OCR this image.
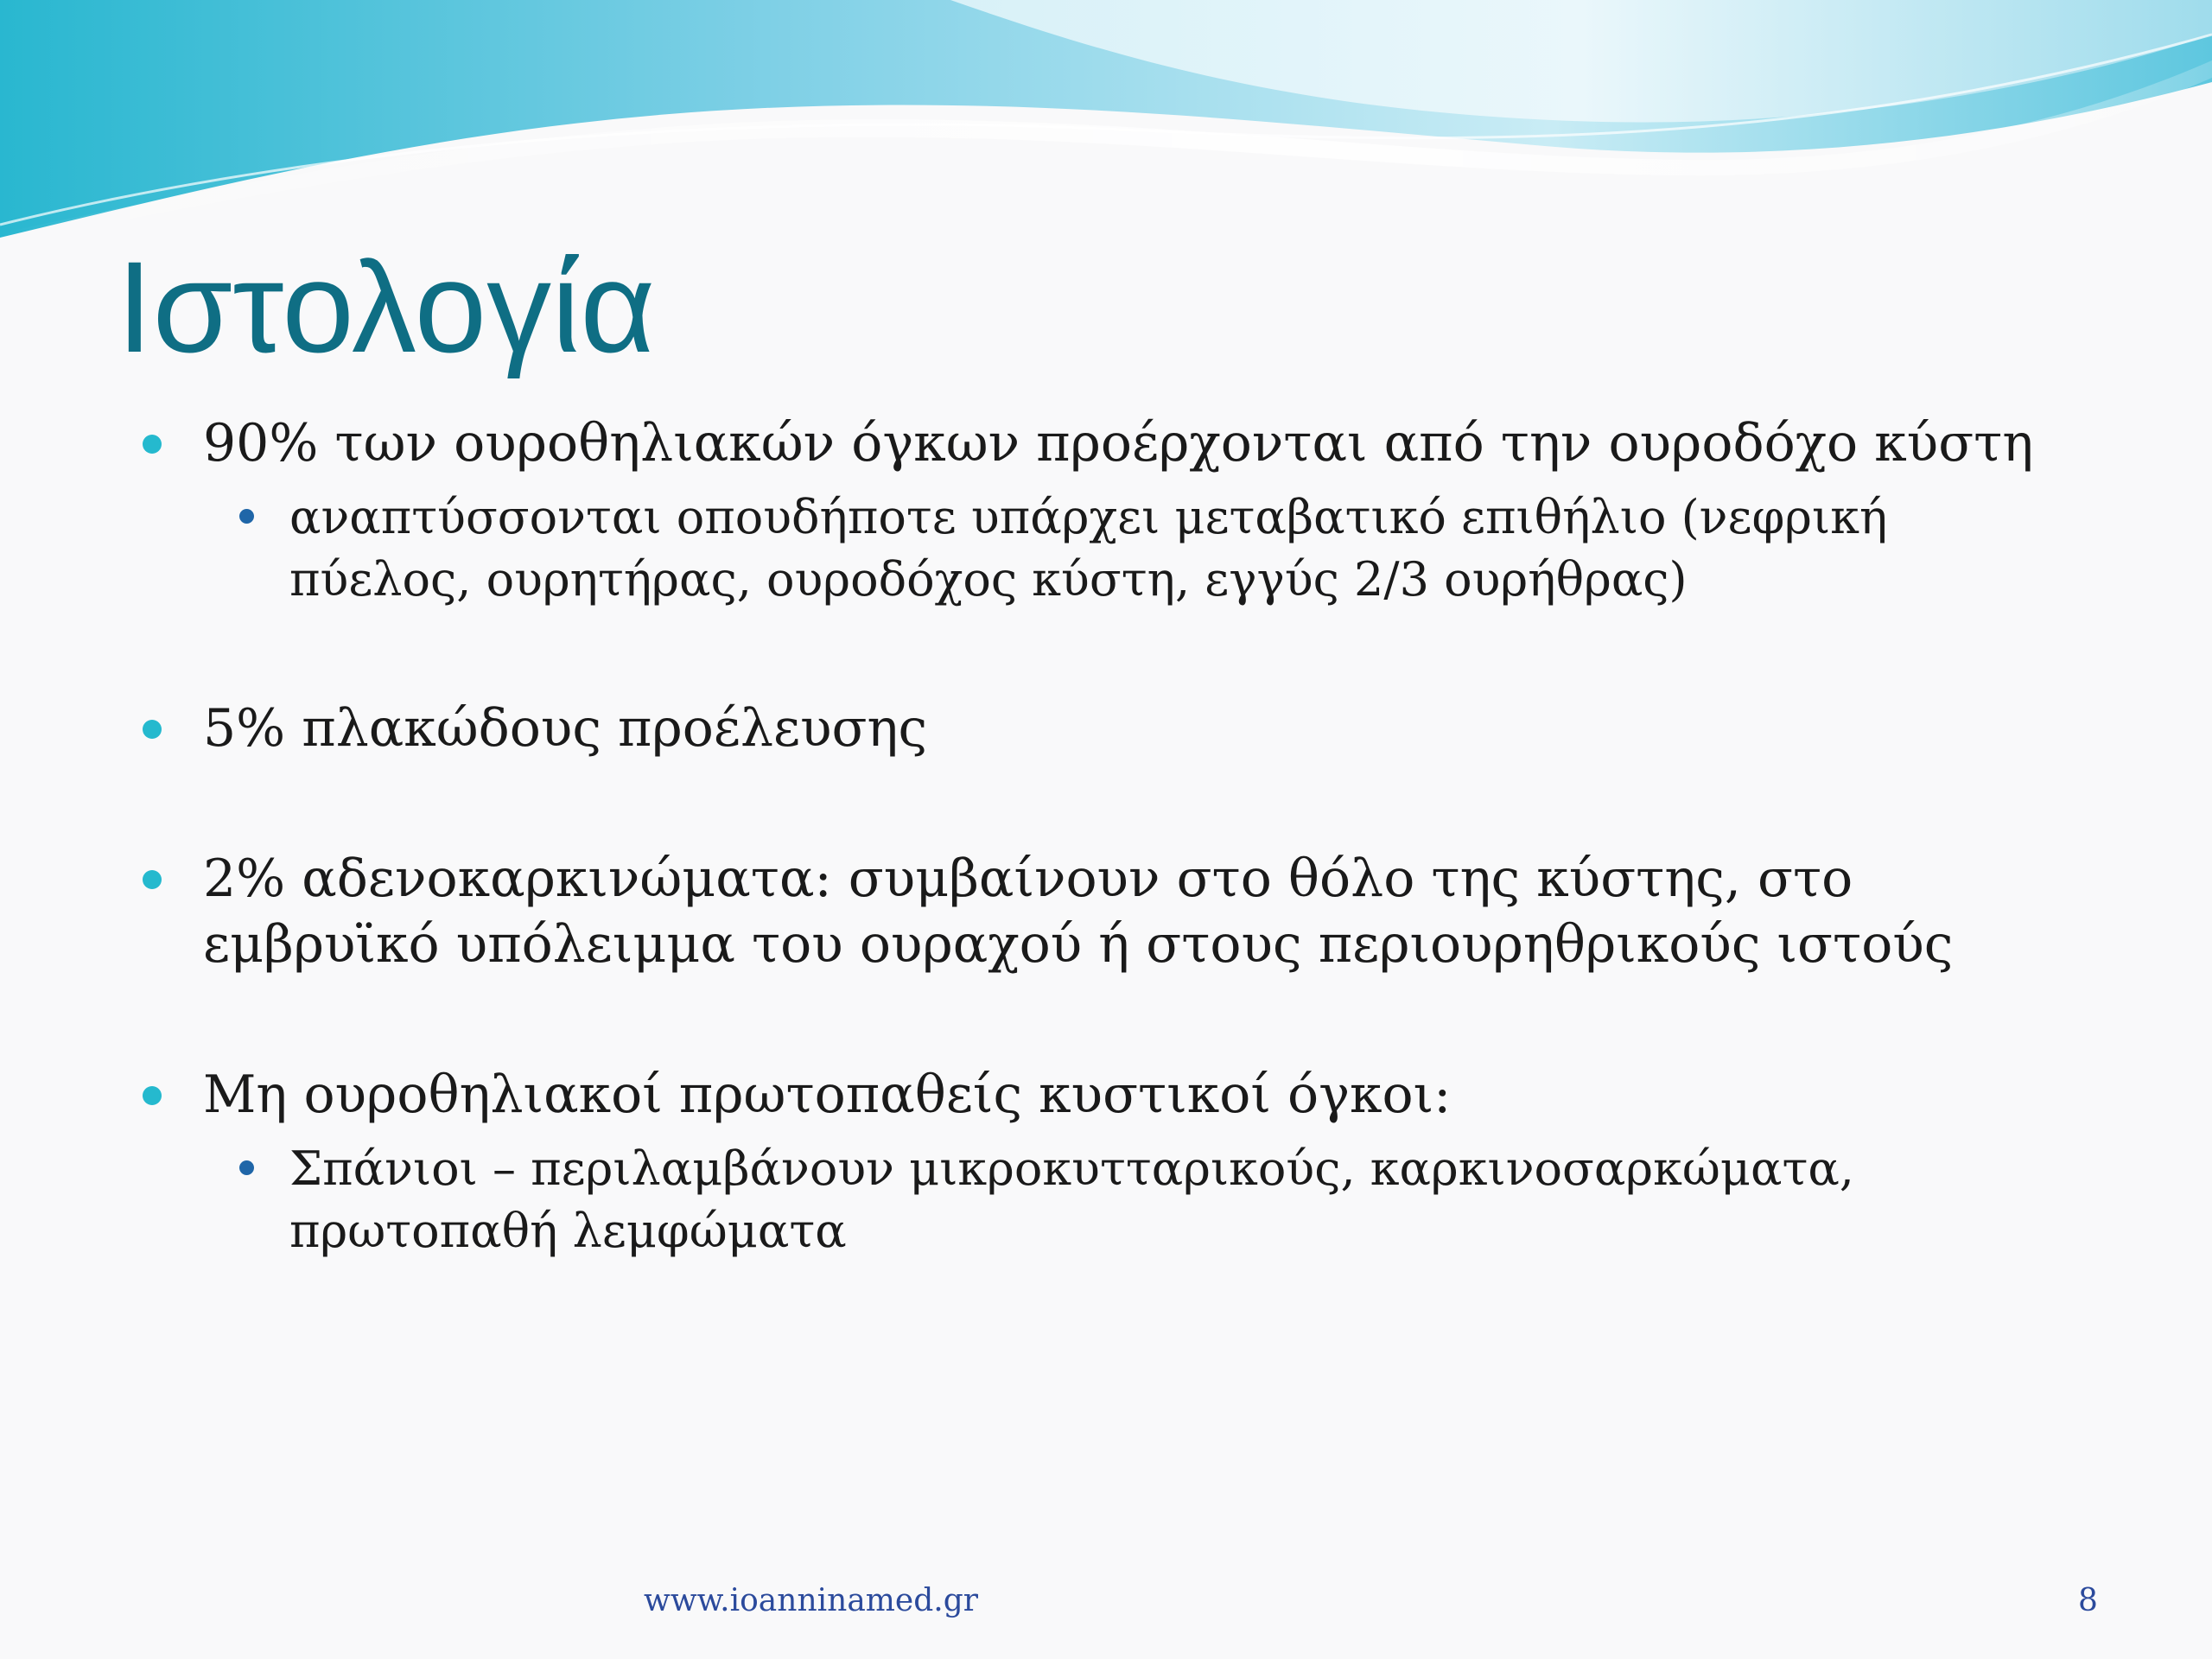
Ιστολογία

90% των ουροθηλιακών όγκων προέρχονται από την ουροδόχο κύστη

αναπτύσσονται οπουδήποτε υπάρχει μεταβατικό επιθήλιο (νεφρική πύελος, ουρητήρας, ουροδόχος κύστη, εγγύς 2/3 ουρήθρας)

5% πλακώδους προέλευσης

2% αδενοκαρκινώματα: συμβαίνουν στο θόλο της κύστης, στο εμβρυϊκό υπόλειμμα του ουραχού ή στους περιουρηθρικούς ιστούς

Μη ουροθηλιακοί πρωτοπαθείς κυστικοί όγκοι:

Σπάνιοι – περιλαμβάνουν μικροκυτταρικούς, καρκινοσαρκώματα, πρωτοπαθή λεμφώματα

www.ioanninamed.gr	8
